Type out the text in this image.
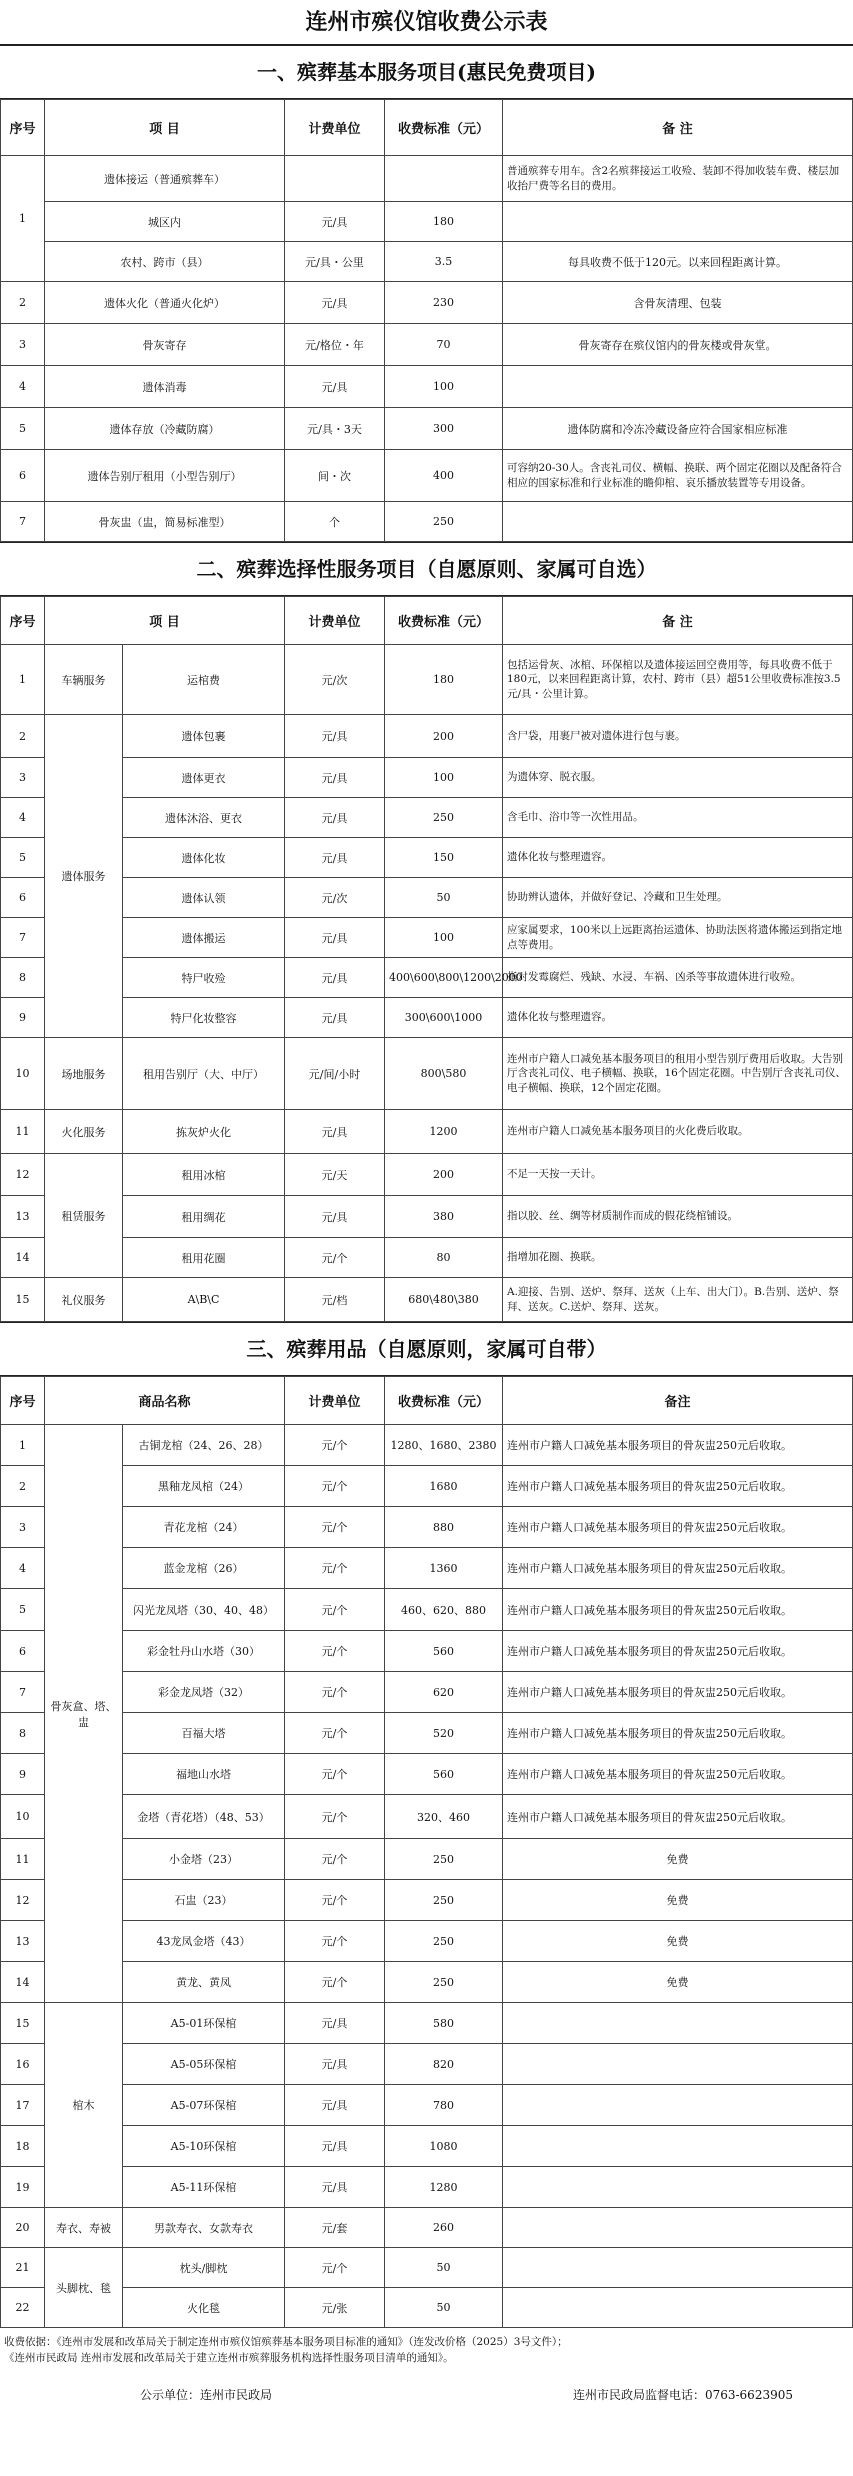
连州市殡仪馆收费公示表
一、殡葬基本服务项目(惠民免费项目)
序号	项 目	计费单位	收费标准（元）	备 注
1	遗体接运（普通殡葬车）			普通殡葬专用车。含2名殡葬接运工收殓、装卸不得加收装车费、楼层加收抬尸费等名目的费用。
	城区内	元/具	180	
	农村、跨市（县）	元/具・公里	3.5	每具收费不低于120元。以来回程距离计算。
2	遗体火化（普通火化炉）	元/具	230	含骨灰清理、包装
3	骨灰寄存	元/格位・年	70	骨灰寄存在殡仪馆内的骨灰楼或骨灰堂。
4	遗体消毒	元/具	100	
5	遗体存放（冷藏防腐）	元/具・3天	300	遗体防腐和冷冻冷藏设备应符合国家相应标准
6	遗体告别厅租用（小型告别厅）	间・次	400	可容纳20-30人。含丧礼司仪、横幅、换联、两个固定花圈以及配备符合相应的国家标准和行业标准的瞻仰棺、哀乐播放装置等专用设备。
7	骨灰盅（盅，简易标准型）	个	250	
二、殡葬选择性服务项目（自愿原则、家属可自选）
序号	项 目		计费单位	收费标准（元）	备 注
1	车辆服务	运棺费	元/次	180	包括运骨灰、冰棺、环保棺以及遗体接运回空费用等，每具收费不低于180元，以来回程距离计算，农村、跨市（县）超51公里收费标准按3.5元/具・公里计算。
2	遗体服务	遗体包裹	元/具	200	含尸袋，用裹尸被对遗体进行包与裹。
3		遗体更衣	元/具	100	为遗体穿、脱衣服。
4		遗体沐浴、更衣	元/具	250	含毛巾、浴巾等一次性用品。
5		遗体化妆	元/具	150	遗体化妆与整理遗容。
6		遗体认领	元/次	50	协助辨认遗体，并做好登记、冷藏和卫生处理。
7		遗体搬运	元/具	100	应家属要求，100米以上远距离抬运遗体、协助法医将遗体搬运到指定地点等费用。
8		特尸收殓	元/具	400\600\800\1200\2000	指对发霉腐烂、残缺、水浸、车祸、凶杀等事故遗体进行收殓。
9		特尸化妆整容	元/具	300\600\1000	遗体化妆与整理遗容。
10	场地服务	租用告别厅（大、中厅）	元/间/小时	800\580	连州市户籍人口减免基本服务项目的租用小型告别厅费用后收取。大告别厅含丧礼司仪、电子横幅、换联，16个固定花圈。中告别厅含丧礼司仪、电子横幅、换联，12个固定花圈。
11	火化服务	拣灰炉火化	元/具	1200	连州市户籍人口减免基本服务项目的火化费后收取。
12	租赁服务	租用冰棺	元/天	200	不足一天按一天计。
13		租用绸花	元/具	380	指以胶、丝、绸等材质制作而成的假花绕棺铺设。
14		租用花圈	元/个	80	指增加花圈、换联。
15	礼仪服务	A\B\C	元/档	680\480\380	A.迎接、告别、送炉、祭拜、送灰（上车、出大门）。B.告别、送炉、祭拜、送灰。C.送炉、祭拜、送灰。
三、殡葬用品（自愿原则，家属可自带）
序号	商品名称		计费单位	收费标准（元）	备注
1	骨灰盒、塔、盅	古铜龙棺（24、26、28）	元/个	1280、1680、2380	连州市户籍人口减免基本服务项目的骨灰盅250元后收取。
2		黑釉龙凤棺（24）	元/个	1680	连州市户籍人口减免基本服务项目的骨灰盅250元后收取。
3		青花龙棺（24）	元/个	880	连州市户籍人口减免基本服务项目的骨灰盅250元后收取。
4		蓝金龙棺（26）	元/个	1360	连州市户籍人口减免基本服务项目的骨灰盅250元后收取。
5		闪光龙凤塔（30、40、48）	元/个	460、620、880	连州市户籍人口减免基本服务项目的骨灰盅250元后收取。
6		彩金牡丹山水塔（30）	元/个	560	连州市户籍人口减免基本服务项目的骨灰盅250元后收取。
7		彩金龙凤塔（32）	元/个	620	连州市户籍人口减免基本服务项目的骨灰盅250元后收取。
8		百福大塔	元/个	520	连州市户籍人口减免基本服务项目的骨灰盅250元后收取。
9		福地山水塔	元/个	560	连州市户籍人口减免基本服务项目的骨灰盅250元后收取。
10		金塔（青花塔）（48、53）	元/个	320、460	连州市户籍人口减免基本服务项目的骨灰盅250元后收取。
11		小金塔（23）	元/个	250	免费
12		石盅（23）	元/个	250	免费
13		43龙凤金塔（43）	元/个	250	免费
14		黄龙、黄凤	元/个	250	免费
15	棺木	A5-01环保棺	元/具	580	
16		A5-05环保棺	元/具	820	
17		A5-07环保棺	元/具	780	
18		A5-10环保棺	元/具	1080	
19		A5-11环保棺	元/具	1280	
20	寿衣、寿被	男款寿衣、女款寿衣	元/套	260	
21	头脚枕、毯	枕头/脚枕	元/个	50	
22		火化毯	元/张	50	
收费依据：《连州市发展和改革局关于制定连州市殡仪馆殡葬基本服务项目标准的通知》（连发改价格（2025）3号文件）；
《连州市民政局 连州市发展和改革局关于建立连州市殡葬服务机构选择性服务项目清单的通知》。
公示单位：连州市民政局	连州市民政局监督电话：0763-6623905
